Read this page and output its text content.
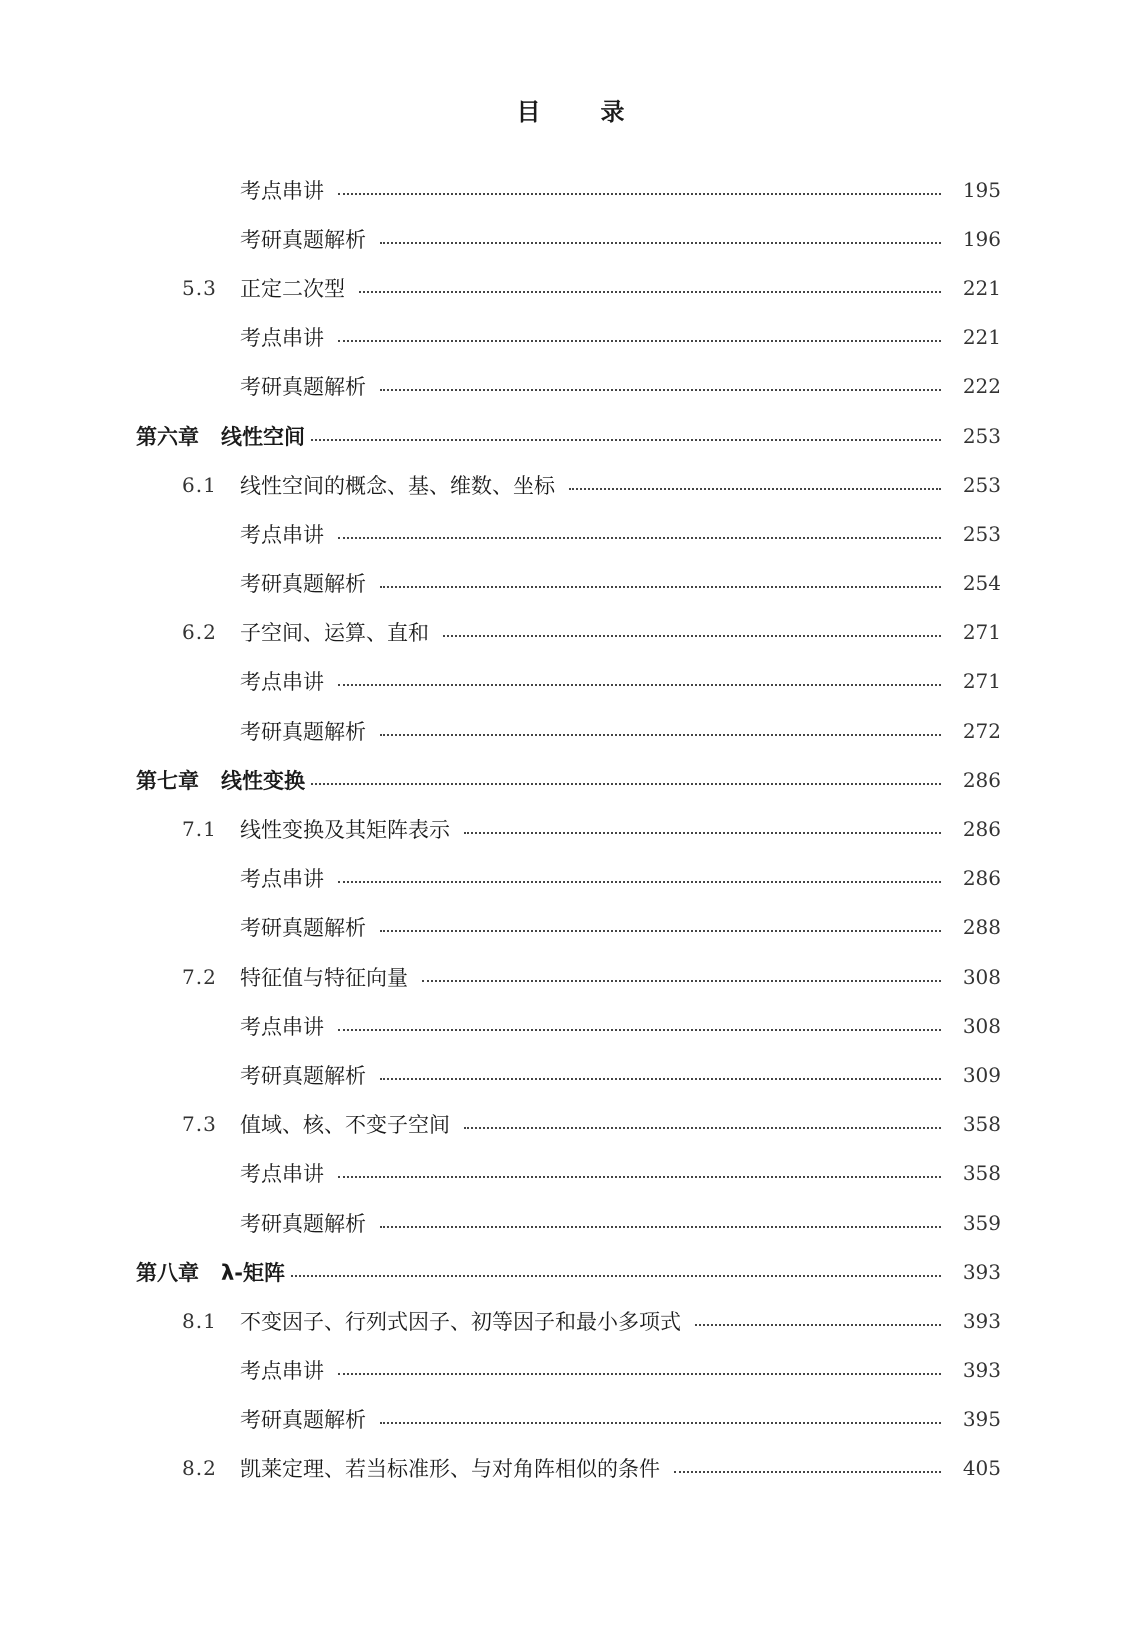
目录
考点串讲	195
考研真题解析	196
5.3	正定二次型	221
考点串讲	221
考研真题解析	222
第六章 线性空间	253
6.1	线性空间的概念、基、维数、坐标	253
考点串讲	253
考研真题解析	254
6.2	子空间、运算、直和	271
考点串讲	271
考研真题解析	272
第七章 线性变换	286
7.1	线性变换及其矩阵表示	286
考点串讲	286
考研真题解析	288
7.2	特征值与特征向量	308
考点串讲	308
考研真题解析	309
7.3	值域、核、不变子空间	358
考点串讲	358
考研真题解析	359
第八章 λ-矩阵	393
8.1	不变因子、行列式因子、初等因子和最小多项式	393
考点串讲	393
考研真题解析	395
8.2	凯莱定理、若当标准形、与对角阵相似的条件	405
